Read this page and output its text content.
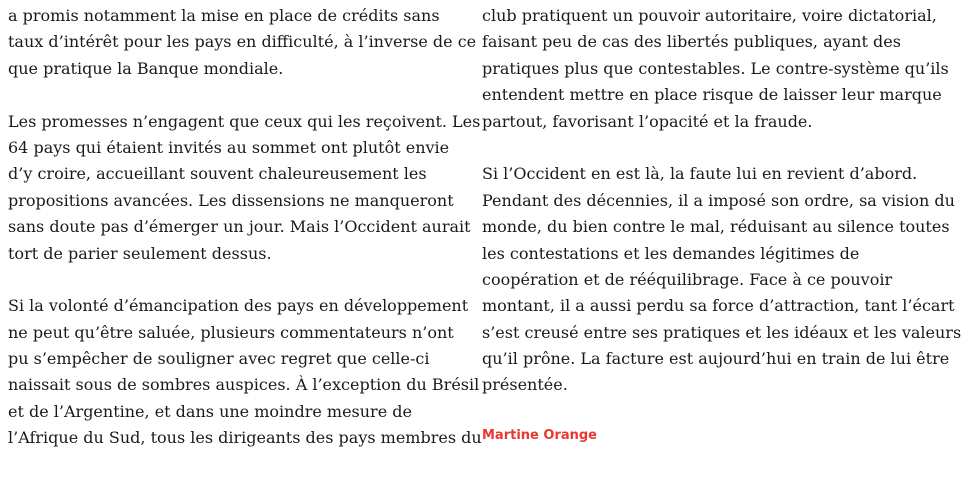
a promis notamment la mise en place de crédits sans
taux d’intérêt pour les pays en difficulté, à l’inverse de ce
que pratique la Banque mondiale.

Les promesses n’engagent que ceux qui les reçoivent. Les
64 pays qui étaient invités au sommet ont plutôt envie
d’y croire, accueillant souvent chaleureusement les
propositions avancées. Les dissensions ne manqueront
sans doute pas d’émerger un jour. Mais l’Occident aurait
tort de parier seulement dessus.

Si la volonté d’émancipation des pays en développement
ne peut qu’être saluée, plusieurs commentateurs n’ont
pu s’empêcher de souligner avec regret que celle-ci
naissait sous de sombres auspices. À l’exception du Brésil
et de l’Argentine, et dans une moindre mesure de
l’Afrique du Sud, tous les dirigeants des pays membres du

club pratiquent un pouvoir autoritaire, voire dictatorial,
faisant peu de cas des libertés publiques, ayant des
pratiques plus que contestables. Le contre-système qu’ils
entendent mettre en place risque de laisser leur marque
partout, favorisant l’opacité et la fraude.

Si l’Occident en est là, la faute lui en revient d’abord.
Pendant des décennies, il a imposé son ordre, sa vision du
monde, du bien contre le mal, réduisant au silence toutes
les contestations et les demandes légitimes de
coopération et de rééquilibrage. Face à ce pouvoir
montant, il a aussi perdu sa force d’attraction, tant l’écart
s’est creusé entre ses pratiques et les idéaux et les valeurs
qu’il prône. La facture est aujourd’hui en train de lui être
présentée.

Martine Orange
